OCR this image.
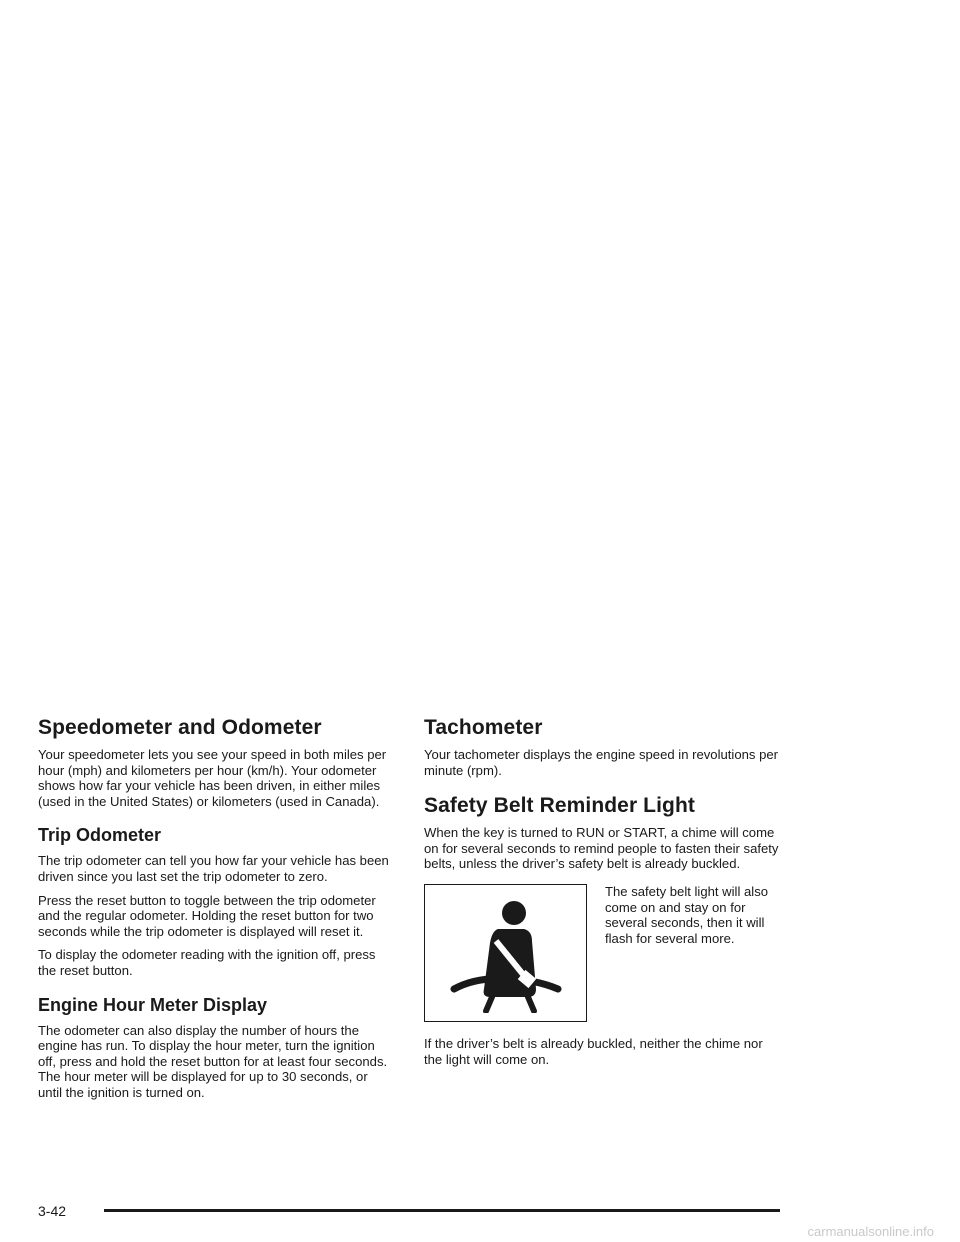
Speedometer and Odometer

Your speedometer lets you see your speed in both miles per hour (mph) and kilometers per hour (km/h). Your odometer shows how far your vehicle has been driven, in either miles (used in the United States) or kilometers (used in Canada).

Trip Odometer

The trip odometer can tell you how far your vehicle has been driven since you last set the trip odometer to zero.

Press the reset button to toggle between the trip odometer and the regular odometer. Holding the reset button for two seconds while the trip odometer is displayed will reset it.

To display the odometer reading with the ignition off, press the reset button.

Engine Hour Meter Display

The odometer can also display the number of hours the engine has run. To display the hour meter, turn the ignition off, press and hold the reset button for at least four seconds. The hour meter will be displayed for up to 30 seconds, or until the ignition is turned on.

Tachometer

Your tachometer displays the engine speed in revolutions per minute (rpm).

Safety Belt Reminder Light

When the key is turned to RUN or START, a chime will come on for several seconds to remind people to fasten their safety belts, unless the driver’s safety belt is already buckled.

The safety belt light will also come on and stay on for several seconds, then it will flash for several more.

If the driver’s belt is already buckled, neither the chime nor the light will come on.

3-42
carmanualsonline.info
